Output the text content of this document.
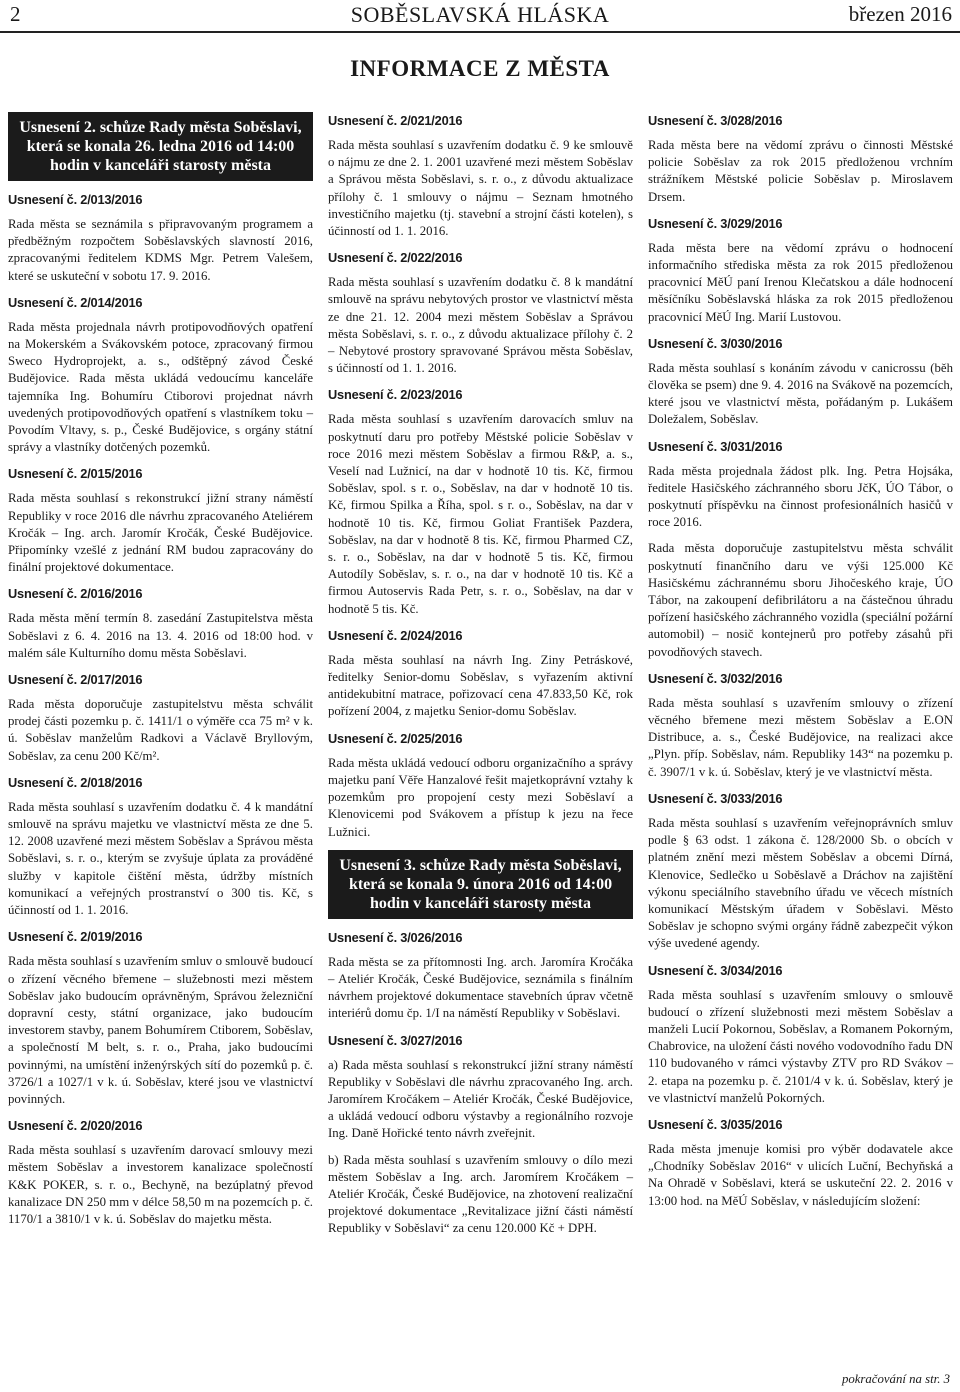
2	SOBĚSLAVSKÁ HLÁSKA	březen 2016
INFORMACE Z MĚSTA
Usnesení 2. schůze Rady města Soběslavi, která se konala 26. ledna 2016 od 14:00 hodin v kanceláři starosty města
Usnesení č. 2/013/2016

Rada města se seznámila s připravovaným programem a předběžným rozpočtem Soběslavských slavností 2016, zpracovanými ředitelem KDMS Mgr. Petrem Valešem, které se uskuteční v sobotu 17. 9. 2016.

Usnesení č. 2/014/2016

Rada města projednala návrh protipovodňových opatření na Mokerském a Svákovském potoce, zpracovaný firmou Sweco Hydroprojekt, a. s., odštěpný závod České Budějovice. Rada města ukládá vedoucímu kanceláře tajemníka Ing. Bohumíru Ctiborovi projednat návrh uvedených protipovodňových opatření s vlastníkem toku – Povodím Vltavy, s. p., České Budějovice, s orgány státní správy a vlastníky dotčených pozemků.

Usnesení č. 2/015/2016

Rada města souhlasí s rekonstrukcí jižní strany náměstí Republiky v roce 2016 dle návrhu zpracovaného Ateliérem Kročák – Ing. arch. Jaromír Kročák, České Budějovice. Připomínky vzešlé z jednání RM budou zapracovány do finální projektové dokumentace.

Usnesení č. 2/016/2016

Rada města mění termín 8. zasedání Zastupitelstva města Soběslavi z 6. 4. 2016 na 13. 4. 2016 od 18:00 hod. v malém sále Kulturního domu města Soběslavi.

Usnesení č. 2/017/2016

Rada města doporučuje zastupitelstvu města schválit prodej části pozemku p. č. 1411/1 o výměře cca 75 m² v k. ú. Soběslav manželům Radkovi a Václavě Bryllovým, Soběslav, za cenu 200 Kč/m².

Usnesení č. 2/018/2016

Rada města souhlasí s uzavřením dodatku č. 4 k mandátní smlouvě na správu majetku ve vlastnictví města ze dne 5. 12. 2008 uzavřené mezi městem Soběslav a Správou města Soběslavi, s. r. o., kterým se zvyšuje úplata za prováděné služby v kapitole čištění města, údržby místních komunikací a veřejných prostranství o 300 tis. Kč, s účinností od 1. 1. 2016.

Usnesení č. 2/019/2016

Rada města souhlasí s uzavřením smluv o smlouvě budoucí o zřízení věcného břemene – služebnosti mezi městem Soběslav jako budoucím oprávněným, Správou železniční dopravní cesty, státní organizace, jako budoucím investorem stavby, panem Bohumírem Ctiborem, Soběslav, a společností M belt, s. r. o., Praha, jako budoucími povinnými, na umístění inženýrských sítí do pozemků p. č. 3726/1 a 1027/1 v k. ú. Soběslav, které jsou ve vlastnictví povinných.

Usnesení č. 2/020/2016

Rada města souhlasí s uzavřením darovací smlouvy mezi městem Soběslav a investorem kanalizace společností K&K POKER, s. r. o., Bechyně, na bezúplatný převod kanalizace DN 250 mm v délce 58,50 m na pozemcích p. č. 1170/1 a 3810/1 v k. ú. Soběslav do majetku města.

Usnesení č. 2/021/2016

Rada města souhlasí s uzavřením dodatku č. 9 ke smlouvě o nájmu ze dne 2. 1. 2001 uzavřené mezi městem Soběslav a Správou města Soběslavi, s. r. o., z důvodu aktualizace přílohy č. 1 smlouvy o nájmu – Seznam hmotného investičního majetku (tj. stavební a strojní části kotelen), s účinností od 1. 1. 2016.

Usnesení č. 2/022/2016

Rada města souhlasí s uzavřením dodatku č. 8 k mandátní smlouvě na správu nebytových prostor ve vlastnictví města ze dne 21. 12. 2004 mezi městem Soběslav a Správou města Soběslavi, s. r. o., z důvodu aktualizace přílohy č. 2 – Nebytové prostory spravované Správou města Soběslav, s účinností od 1. 1. 2016.

Usnesení č. 2/023/2016

Rada města souhlasí s uzavřením darovacích smluv na poskytnutí daru pro potřeby Městské policie Soběslav v roce 2016 mezi městem Soběslav a firmou R&P, a. s., Veselí nad Lužnicí, na dar v hodnotě 10 tis. Kč, firmou Soběslav, spol. s r. o., Soběslav, na dar v hodnotě 10 tis. Kč, firmou Spilka a Říha, spol. s r. o., Soběslav, na dar v hodnotě 10 tis. Kč, firmou Goliat František Pazdera, Soběslav, na dar v hodnotě 8 tis. Kč, firmou Pharmed CZ, s. r. o., Soběslav, na dar v hodnotě 5 tis. Kč, firmou Autodíly Soběslav, s. r. o., na dar v hodnotě 10 tis. Kč a firmou Autoservis Rada Petr, s. r. o., Soběslav, na dar v hodnotě 5 tis. Kč.

Usnesení č. 2/024/2016

Rada města souhlasí na návrh Ing. Ziny Petráskové, ředitelky Senior-domu Soběslav, s vyřazením aktivní antidekubitní matrace, pořizovací cena 47.833,50 Kč, rok pořízení 2004, z majetku Senior-domu Soběslav.

Usnesení č. 2/025/2016

Rada města ukládá vedoucí odboru organizačního a správy majetku paní Věře Hanzalové řešit majetkoprávní vztahy k pozemkům pro propojení cesty mezi Soběslaví a Klenovicemi pod Svákovem a přístup k jezu na řece Lužnici.

Usnesení 3. schůze Rady města Soběslavi, která se konala 9. února 2016 od 14:00 hodin v kanceláři starosty města
Usnesení č. 3/026/2016

Rada města se za přítomnosti Ing. arch. Jaromíra Kročáka – Ateliér Kročák, České Budějovice, seznámila s finálním návrhem projektové dokumentace stavebních úprav včetně interiérů domu čp. 1/I na náměstí Republiky v Soběslavi.

Usnesení č. 3/027/2016

a) Rada města souhlasí s rekonstrukcí jižní strany náměstí Republiky v Soběslavi dle návrhu zpracovaného Ing. arch. Jaromírem Kročákem – Ateliér Kročák, České Budějovice, a ukládá vedoucí odboru výstavby a regionálního rozvoje Ing. Daně Hořické tento návrh zveřejnit.

b) Rada města souhlasí s uzavřením smlouvy o dílo mezi městem Soběslav a Ing. arch. Jaromírem Kročákem – Ateliér Kročák, České Budějovice, na zhotovení realizační projektové dokumentace „Revitalizace jižní části náměstí Republiky v Soběslavi“ za cenu 120.000 Kč + DPH.

Usnesení č. 3/028/2016

Rada města bere na vědomí zprávu o činnosti Městské policie Soběslav za rok 2015 předloženou vrchním strážníkem Městské policie Soběslav p. Miroslavem Drsem.

Usnesení č. 3/029/2016

Rada města bere na vědomí zprávu o hodnocení informačního střediska města za rok 2015 předloženou pracovnicí MěÚ paní Irenou Klečatskou a dále hodnocení měsíčníku Soběslavská hláska za rok 2015 předloženou pracovnicí MěÚ Ing. Marií Lustovou.

Usnesení č. 3/030/2016

Rada města souhlasí s konáním závodu v canicrossu (běh člověka se psem) dne 9. 4. 2016 na Svákově na pozemcích, které jsou ve vlastnictví města, pořádaným p. Lukášem Doležalem, Soběslav.

Usnesení č. 3/031/2016

Rada města projednala žádost plk. Ing. Petra Hojsáka, ředitele Hasičského záchranného sboru JčK, ÚO Tábor, o poskytnutí příspěvku na činnost profesionálních hasičů v roce 2016.

Rada města doporučuje zastupitelstvu města schválit poskytnutí finančního daru ve výši 125.000 Kč Hasičskému záchrannému sboru Jihočeského kraje, ÚO Tábor, na zakoupení defibrilátoru a na částečnou úhradu pořízení hasičského záchranného vozidla (speciální požární automobil) – nosič kontejnerů pro potřeby zásahů při povodňových stavech.

Usnesení č. 3/032/2016

Rada města souhlasí s uzavřením smlouvy o zřízení věcného břemene mezi městem Soběslav a E.ON Distribuce, a. s., České Budějovice, na realizaci akce „Plyn. příp. Soběslav, nám. Republiky 143“ na pozemku p. č. 3907/1 v k. ú. Soběslav, který je ve vlastnictví města.

Usnesení č. 3/033/2016

Rada města souhlasí s uzavřením veřejnoprávních smluv podle § 63 odst. 1 zákona č. 128/2000 Sb. o obcích v platném znění mezi městem Soběslav a obcemi Dírná, Klenovice, Sedlečko u Soběslavě a Dráchov na zajištění výkonu speciálního stavebního úřadu ve věcech místních komunikací Městským úřadem v Soběslavi. Město Soběslav je schopno svými orgány řádně zabezpečit výkon výše uvedené agendy.

Usnesení č. 3/034/2016

Rada města souhlasí s uzavřením smlouvy o smlouvě budoucí o zřízení služebnosti mezi městem Soběslav a manželi Lucií Pokornou, Soběslav, a Romanem Pokorným, Chabrovice, na uložení části nového vodovodního řadu DN 110 budovaného v rámci výstavby ZTV pro RD Svákov – 2. etapa na pozemku p. č. 2101/4 v k. ú. Soběslav, který je ve vlastnictví manželů Pokorných.

Usnesení č. 3/035/2016

Rada města jmenuje komisi pro výběr dodavatele akce „Chodníky Soběslav 2016“ v ulicích Luční, Bechyňská a Na Ohradě v Soběslavi, která se uskuteční 22. 2. 2016 v 13:00 hod. na MěÚ Soběslav, v následujícím složení:

pokračování na str. 3
